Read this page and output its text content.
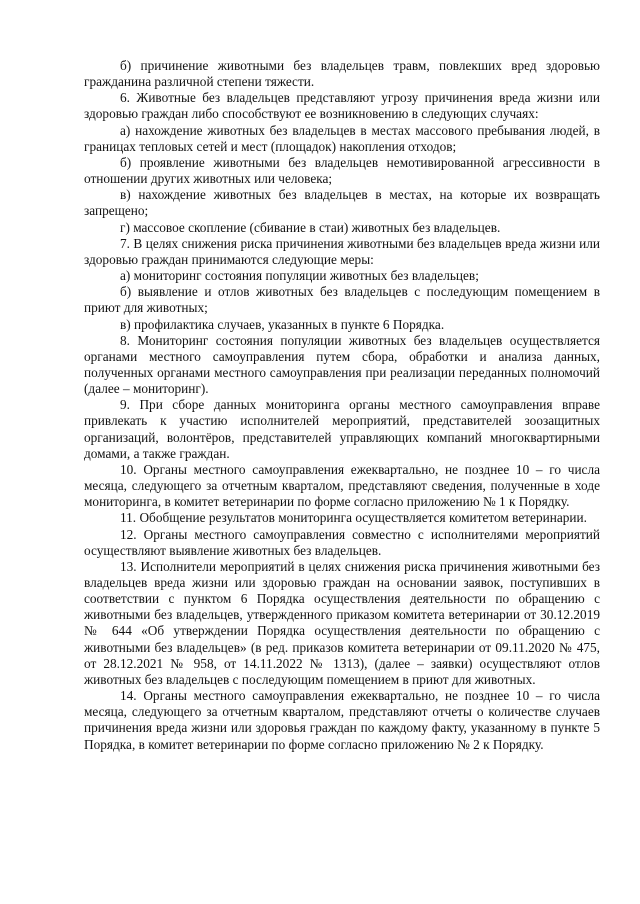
б) причинение животными без владельцев травм, повлекших вред здоровью гражданина различной степени тяжести.

6. Животные без владельцев представляют угрозу причинения вреда жизни или здоровью граждан либо способствуют ее возникновению в следующих случаях:

а) нахождение животных без владельцев в местах массового пребывания людей, в границах тепловых сетей и мест (площадок) накопления отходов;

б) проявление животными без владельцев немотивированной агрессивности в отношении других животных или человека;

в) нахождение животных без владельцев в местах, на которые их возвращать запрещено;

г) массовое скопление (сбивание в стаи) животных без владельцев.

7. В целях снижения риска причинения животными без владельцев вреда жизни или здоровью граждан принимаются следующие меры:

а) мониторинг состояния популяции животных без владельцев;

б) выявление и отлов животных без владельцев с последующим помещением в приют для животных;

в) профилактика случаев, указанных в пункте 6 Порядка.

8. Мониторинг состояния популяции животных без владельцев осуществляется органами местного самоуправления путем сбора, обработки и анализа данных, полученных органами местного самоуправления при реализации переданных полномочий (далее – мониторинг).

9. При сборе данных мониторинга органы местного самоуправления вправе привлекать к участию исполнителей мероприятий, представителей зоозащитных организаций, волонтёров, представителей управляющих компаний многоквартирными домами, а также граждан.

10. Органы местного самоуправления ежеквартально, не позднее 10 – го числа месяца, следующего за отчетным кварталом, представляют сведения, полученные в ходе мониторинга, в комитет ветеринарии по форме согласно приложению № 1 к Порядку.

11. Обобщение результатов мониторинга осуществляется комитетом ветеринарии.

12. Органы местного самоуправления совместно с исполнителями мероприятий осуществляют выявление животных без владельцев.

13. Исполнители мероприятий в целях снижения риска причинения животными без владельцев вреда жизни или здоровью граждан на основании заявок, поступивших в соответствии с пунктом 6 Порядка осуществления деятельности по обращению с животными без владельцев, утвержденного приказом комитета ветеринарии от 30.12.2019 № 644 «Об утверждении Порядка осуществления деятельности по обращению с животными без владельцев» (в ред. приказов комитета ветеринарии от 09.11.2020 № 475, от 28.12.2021 № 958, от 14.11.2022 № 1313), (далее – заявки) осуществляют отлов животных без владельцев с последующим помещением в приют для животных.

14. Органы местного самоуправления ежеквартально, не позднее 10 – го числа месяца, следующего за отчетным кварталом, представляют отчеты о количестве случаев причинения вреда жизни или здоровья граждан по каждому факту, указанному в пункте 5 Порядка, в комитет ветеринарии по форме согласно приложению № 2 к Порядку.
